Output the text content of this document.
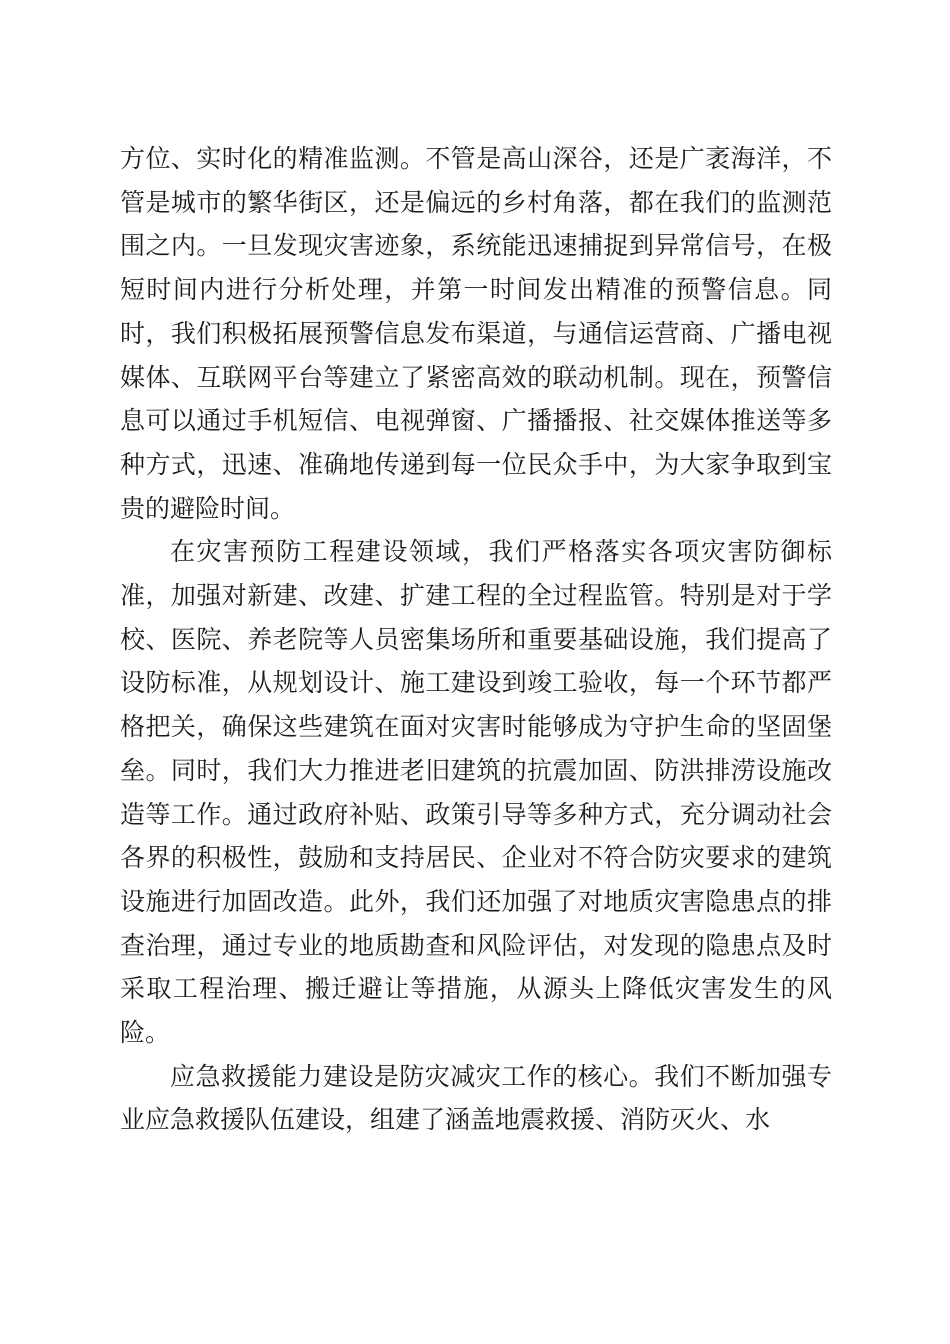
方位、实时化的精准监测。不管是高山深谷，还是广袤海洋，不管是城市的繁华街区，还是偏远的乡村角落，都在我们的监测范围之内。一旦发现灾害迹象，系统能迅速捕捉到异常信号，在极短时间内进行分析处理，并第一时间发出精准的预警信息。同时，我们积极拓展预警信息发布渠道，与通信运营商、广播电视媒体、互联网平台等建立了紧密高效的联动机制。现在，预警信息可以通过手机短信、电视弹窗、广播播报、社交媒体推送等多种方式，迅速、准确地传递到每一位民众手中，为大家争取到宝贵的避险时间。

在灾害预防工程建设领域，我们严格落实各项灾害防御标准，加强对新建、改建、扩建工程的全过程监管。特别是对于学校、医院、养老院等人员密集场所和重要基础设施，我们提高了设防标准，从规划设计、施工建设到竣工验收，每一个环节都严格把关，确保这些建筑在面对灾害时能够成为守护生命的坚固堡垒。同时，我们大力推进老旧建筑的抗震加固、防洪排涝设施改造等工作。通过政府补贴、政策引导等多种方式，充分调动社会各界的积极性，鼓励和支持居民、企业对不符合防灾要求的建筑设施进行加固改造。此外，我们还加强了对地质灾害隐患点的排查治理，通过专业的地质勘查和风险评估，对发现的隐患点及时采取工程治理、搬迁避让等措施，从源头上降低灾害发生的风险。

应急救援能力建设是防灾减灾工作的核心。我们不断加强专业应急救援队伍建设，组建了涵盖地震救援、消防灭火、水
